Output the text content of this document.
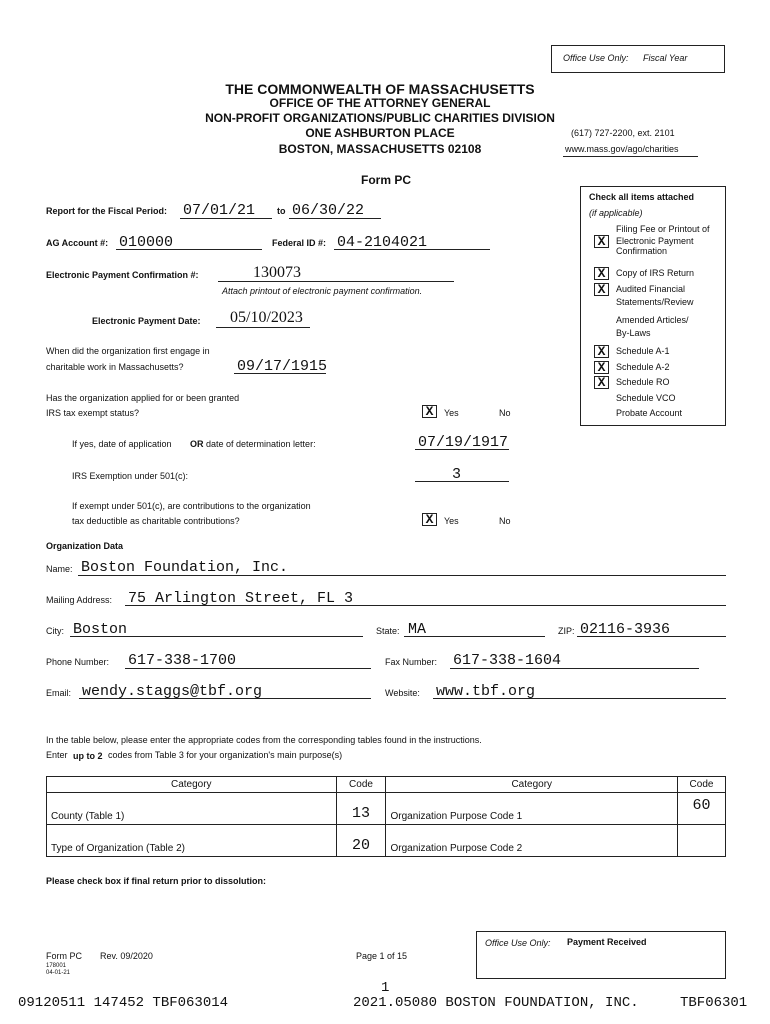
Office Use Only: Fiscal Year
THE COMMONWEALTH OF MASSACHUSETTS
OFFICE OF THE ATTORNEY GENERAL
NON-PROFIT ORGANIZATIONS/PUBLIC CHARITIES DIVISION
ONE ASHBURTON PLACE
BOSTON, MASSACHUSETTS 02108
(617) 727-2200, ext. 2101
www.mass.gov/ago/charities
Form PC
Report for the Fiscal Period: 07/01/21 to 06/30/22
AG Account #: 010000	Federal ID #: 04-2104021
Electronic Payment Confirmation #:	130073
Attach printout of electronic payment confirmation.
Electronic Payment Date: 05/10/2023
When did the organization first engage in
charitable work in Massachusetts?	09/17/1915
Has the organization applied for or been granted
IRS tax exempt status?	X	Yes	No
If yes, date of application OR date of determination letter:	07/19/1917
IRS Exemption under 501(c):	3
If exempt under 501(c), are contributions to the organization
tax deductible as charitable contributions?	X	Yes	No
Check all items attached
(if applicable)
Filing Fee or Printout of
X	Electronic Payment
Confirmation
X	Copy of IRS Return
X	Audited Financial
Statements/Review
Amended Articles/
By-Laws
X	Schedule A-1
X	Schedule A-2
X	Schedule RO
Schedule VCO
Probate Account
Organization Data
Name: Boston Foundation, Inc.
Mailing Address: 75 Arlington Street, FL 3
City: Boston	State: MA	ZIP: 02116-3936
Phone Number: 617-338-1700	Fax Number: 617-338-1604
Email: wendy.staggs@tbf.org	Website: www.tbf.org
In the table below, please enter the appropriate codes from the corresponding tables found in the instructions.
Enter up to 2 codes from Table 3 for your organization's main purpose(s)
Category	Code	Category	Code
County (Table 1)	13	Organization Purpose Code 1	60
Type of Organization (Table 2)	20	Organization Purpose Code 2	
Please check box if final return prior to dissolution:
Form PC Rev. 09/2020
178001
04-01-21
Page 1 of 15
Office Use Only: Payment Received
1
09120511 147452 TBF063014	2021.05080 BOSTON FOUNDATION, INC.	TBF06301
